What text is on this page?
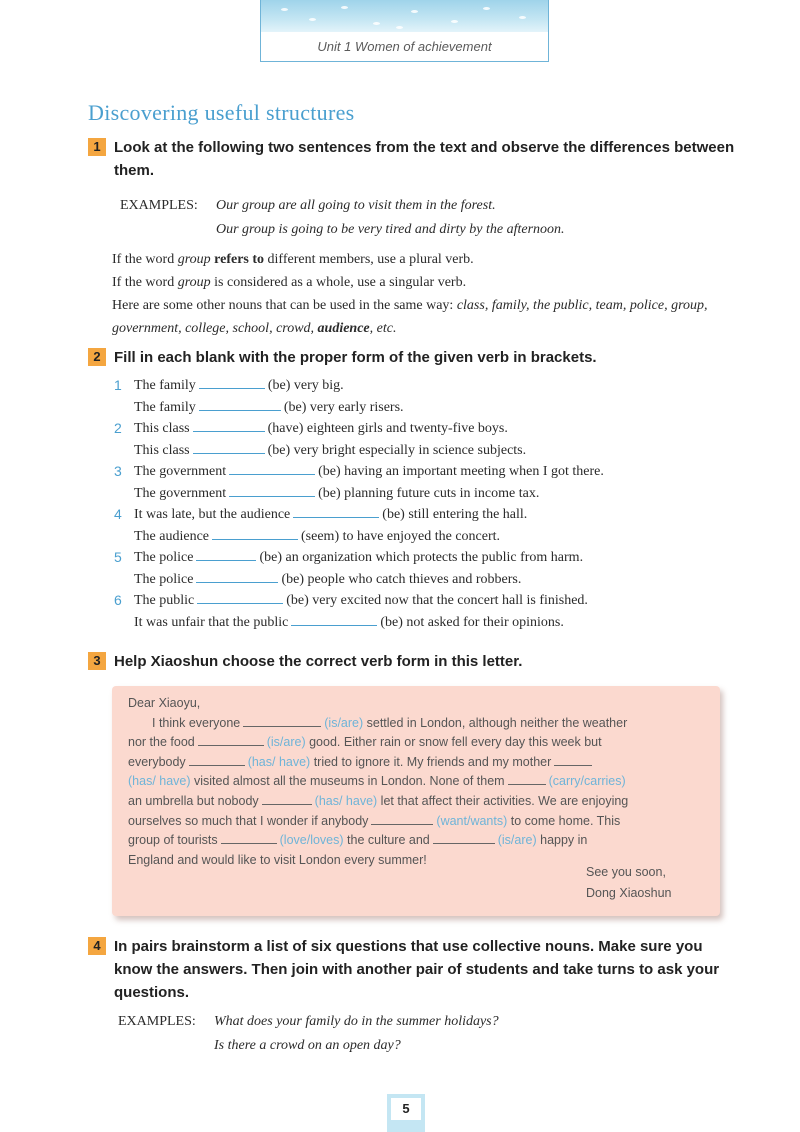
Unit 1 Women of achievement
Discovering useful structures
1 Look at the following two sentences from the text and observe the differences between them.
EXAMPLES: Our group are all going to visit them in the forest.
Our group is going to be very tired and dirty by the afternoon.
If the word group refers to different members, use a plural verb.
If the word group is considered as a whole, use a singular verb.
Here are some other nouns that can be used in the same way: class, family, the public, team, police, group, government, college, school, crowd, audience, etc.
2 Fill in each blank with the proper form of the given verb in brackets.
1 The family	(be) very big.
The family	(be) very early risers.
2 This class	(have) eighteen girls and twenty-five boys.
This class	(be) very bright especially in science subjects.
3 The government	(be) having an important meeting when I got there.
The government	(be) planning future cuts in income tax.
4 It was late, but the audience	(be) still entering the hall.
The audience	(seem) to have enjoyed the concert.
5 The police	(be) an organization which protects the public from harm.
The police	(be) people who catch thieves and robbers.
6 The public	(be) very excited now that the concert hall is finished.
It was unfair that the public	(be) not asked for their opinions.
3 Help Xiaoshun choose the correct verb form in this letter.
Dear Xiaoyu,
I think everyone	(is/are) settled in London, although neither the weather
nor the food	(is/are) good. Either rain or snow fell every day this week but
everybody	(has/ have) tried to ignore it. My friends and my mother
(has/ have) visited almost all the museums in London. None of them	(carry/carries)
an umbrella but nobody	(has/ have) let that affect their activities. We are enjoying
ourselves so much that I wonder if anybody	(want/wants) to come home. This
group of tourists	(love/loves) the culture and	(is/are) happy in
England and would like to visit London every summer!
See you soon,
Dong Xiaoshun
4 In pairs brainstorm a list of six questions that use collective nouns. Make sure you know the answers. Then join with another pair of students and take turns to ask your questions.
EXAMPLES: What does your family do in the summer holidays?
Is there a crowd on an open day?
5
